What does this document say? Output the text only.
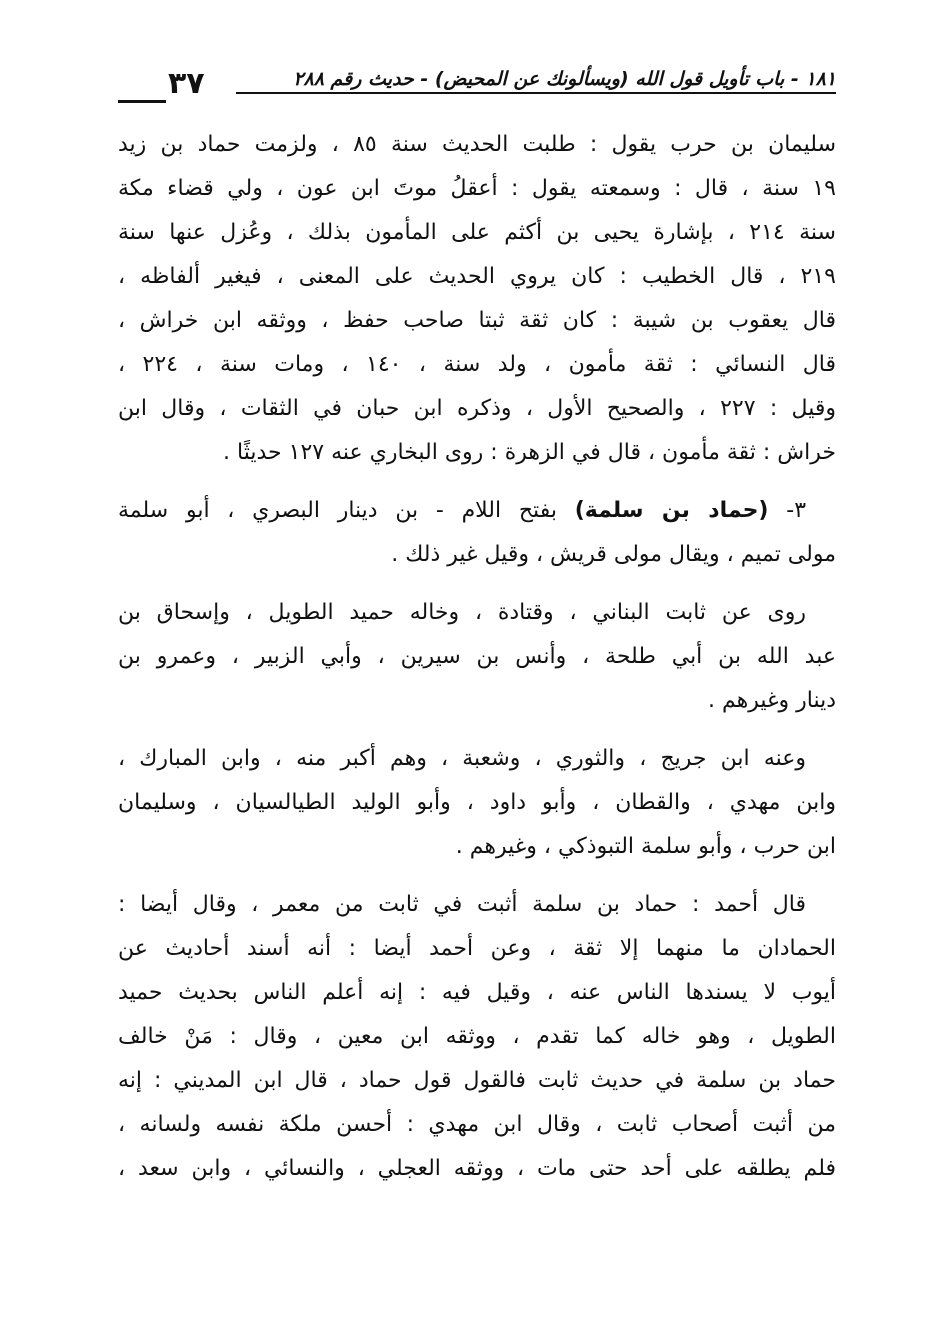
٣٧	١٨١ - باب تأويل قول الله (ويسألونك عن المحيض) - حديث رقم ٢٨٨
سليمان بن حرب يقول : طلبت الحديث سنة ٨٥ ، ولزمت حماد بن زيد
١٩ سنة ، قال : وسمعته يقول : أعقلُ موتَ ابن عون ، ولي قضاء مكة
سنة ٢١٤ ، بإشارة يحيى بن أكثم على المأمون بذلك ، وعُزل عنها سنة
٢١٩ ، قال الخطيب : كان يروي الحديث على المعنى ، فيغير ألفاظه ،
قال يعقوب بن شيبة : كان ثقة ثبتا صاحب حفظ ، ووثقه ابن خراش ،
قال النسائي : ثقة مأمون ، ولد سنة ، ١٤٠ ، ومات سنة ، ٢٢٤ ،
وقيل : ٢٢٧ ، والصحيح الأول ، وذكره ابن حبان في الثقات ، وقال ابن
خراش : ثقة مأمون ، قال في الزهرة : روى البخاري عنه ١٢٧ حديثًا .
٣- (حماد بن سلمة) بفتح اللام - بن دينار البصري ، أبو سلمة
مولى تميم ، ويقال مولى قريش ، وقيل غير ذلك .
روى عن ثابت البناني ، وقتادة ، وخاله حميد الطويل ، وإسحاق بن
عبد الله بن أبي طلحة ، وأنس بن سيرين ، وأبي الزبير ، وعمرو بن
دينار وغيرهم .
وعنه ابن جريج ، والثوري ، وشعبة ، وهم أكبر منه ، وابن المبارك ،
وابن مهدي ، والقطان ، وأبو داود ، وأبو الوليد الطيالسيان ، وسليمان
ابن حرب ، وأبو سلمة التبوذكي ، وغيرهم .
قال أحمد : حماد بن سلمة أثبت في ثابت من معمر ، وقال أيضا :
الحمادان ما منهما إلا ثقة ، وعن أحمد أيضا : أنه أسند أحاديث عن
أيوب لا يسندها الناس عنه ، وقيل فيه : إنه أعلم الناس بحديث حميد
الطويل ، وهو خاله كما تقدم ، ووثقه ابن معين ، وقال : مَنْ خالف
حماد بن سلمة في حديث ثابت فالقول قول حماد ، قال ابن المديني : إنه
من أثبت أصحاب ثابت ، وقال ابن مهدي : أحسن ملكة نفسه ولسانه ،
فلم يطلقه على أحد حتى مات ، ووثقه العجلي ، والنسائي ، وابن سعد ،
